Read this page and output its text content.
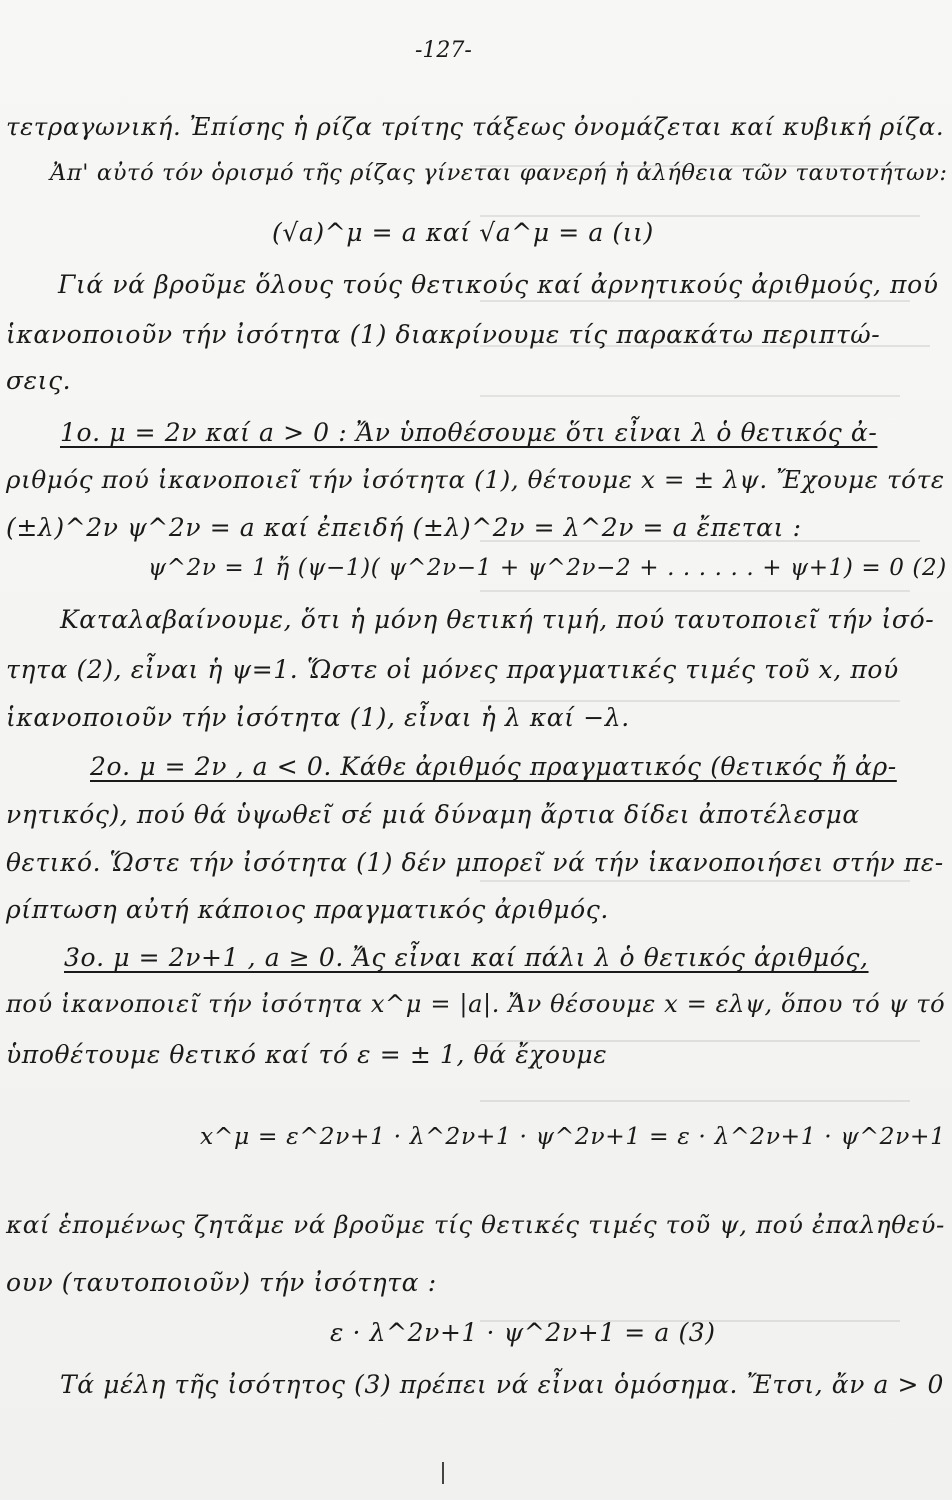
-127-
τετραγωνική. Ἐπίσης ἡ ρίζα τρίτης τάξεως ὀνομάζεται καί κυβική ρίζα.
Ἀπ' αὐτό τόν ὁρισμό τῆς ρίζας γίνεται φανερή ἡ ἀλήθεια τῶν ταυτοτήτων:
(√a)^μ = a καί √a^μ = a (ιι)
Γιά νά βροῦμε ὅλους τούς θετικούς καί ἀρνητικούς ἀριθμούς, πού
ἱκανοποιοῦν τήν ἰσότητα (1) διακρίνουμε τίς παρακάτω περιπτώ-
σεις.
1ο. μ = 2ν καί a > 0 : Ἄν ὑποθέσουμε ὅτι εἶναι λ ὁ θετικός ἀ-
ριθμός πού ἱκανοποιεῖ τήν ἰσότητα (1), θέτουμε x = ± λψ. Ἔχουμε τότε
(±λ)^2ν ψ^2ν = a καί ἐπειδή (±λ)^2ν = λ^2ν = a ἔπεται :
ψ^2ν = 1 ἤ (ψ−1)( ψ^2ν−1 + ψ^2ν−2 + . . . . . . + ψ+1) = 0 (2)
Καταλαβαίνουμε, ὅτι ἡ μόνη θετική τιμή, πού ταυτοποιεῖ τήν ἰσό-
τητα (2), εἶναι ἡ ψ=1. Ὥστε οἱ μόνες πραγματικές τιμές τοῦ x, πού
ἱκανοποιοῦν τήν ἰσότητα (1), εἶναι ἡ λ καί −λ.
2ο. μ = 2ν , a < 0. Κάθε ἀριθμός πραγματικός (θετικός ἤ ἀρ-
νητικός), πού θά ὑψωθεῖ σέ μιά δύναμη ἄρτια δίδει ἀποτέλεσμα
θετικό. Ὥστε τήν ἰσότητα (1) δέν μπορεῖ νά τήν ἱκανοποιήσει στήν πε-
ρίπτωση αὐτή κάποιος πραγματικός ἀριθμός.
3ο. μ = 2ν+1 , a ≥ 0. Ἄς εἶναι καί πάλι λ ὁ θετικός ἀριθμός,
πού ἱκανοποιεῖ τήν ἰσότητα x^μ = |a|. Ἄν θέσουμε x = ελψ, ὅπου τό ψ τό
ὑποθέτουμε θετικό καί τό ε = ± 1, θά ἔχουμε
x^μ = ε^2ν+1 · λ^2ν+1 · ψ^2ν+1 = ε · λ^2ν+1 · ψ^2ν+1
καί ἑπομένως ζητᾶμε νά βροῦμε τίς θετικές τιμές τοῦ ψ, πού ἐπαληθεύ-
ουν (ταυτοποιοῦν) τήν ἰσότητα :
ε · λ^2ν+1 · ψ^2ν+1 = a (3)
Τά μέλη τῆς ἰσότητος (3) πρέπει νά εἶναι ὁμόσημα. Ἔτσι, ἄν a > 0
